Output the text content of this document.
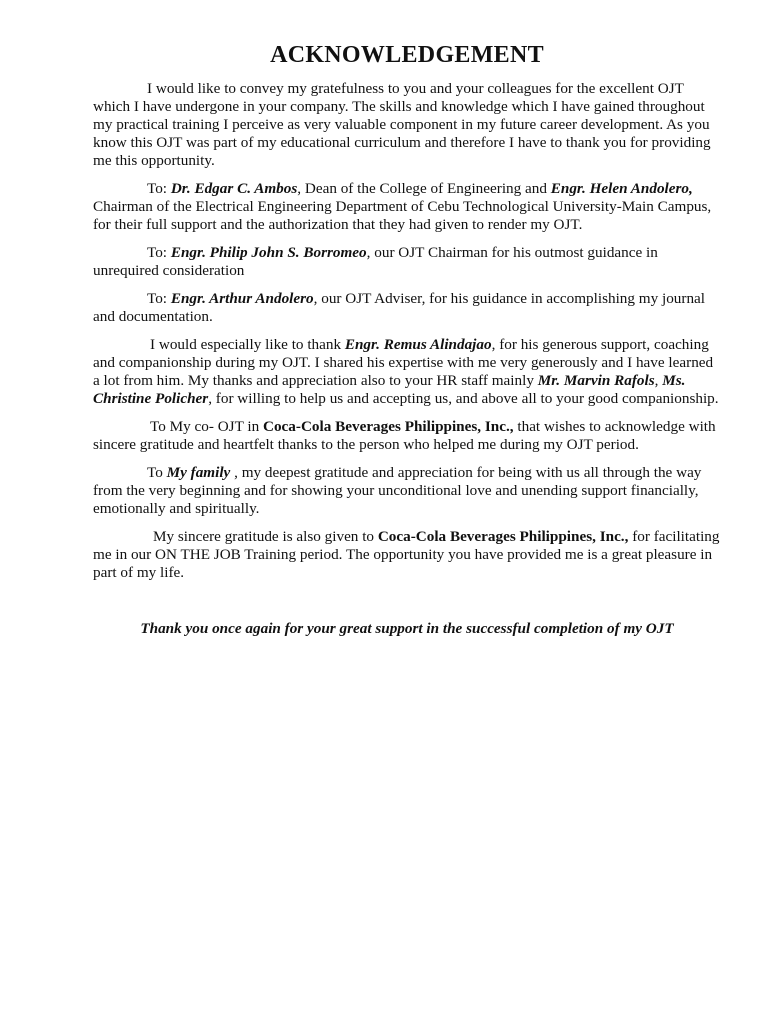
ACKNOWLEDGEMENT

I would like to convey my gratefulness to you and your colleagues for the excellent OJT which I have undergone in your company. The skills and knowledge which I have gained throughout my practical training I perceive as very valuable component in my future career development. As you know this OJT was part of my educational curriculum and therefore I have to thank you for providing me this opportunity.

To: Dr. Edgar C. Ambos, Dean of the College of Engineering and Engr. Helen Andolero, Chairman of the Electrical Engineering Department of Cebu Technological University-Main Campus, for their full support and the authorization that they had given to render my OJT.

To: Engr. Philip John S. Borromeo, our OJT Chairman for his outmost guidance in unrequired consideration

To: Engr. Arthur Andolero, our OJT Adviser, for his guidance in accomplishing my journal and documentation.

I would especially like to thank Engr. Remus Alindajao, for his generous support, coaching and companionship during my OJT. I shared his expertise with me very generously and I have learned a lot from him. My thanks and appreciation also to your HR staff mainly Mr. Marvin Rafols, Ms. Christine Policher, for willing to help us and accepting us, and above all to your good companionship.

To My co- OJT in Coca-Cola Beverages Philippines, Inc., that wishes to acknowledge with sincere gratitude and heartfelt thanks to the person who helped me during my OJT period.

To My family , my deepest gratitude and appreciation for being with us all through the way from the very beginning and for showing your unconditional love and unending support financially, emotionally and spiritually.

My sincere gratitude is also given to Coca-Cola Beverages Philippines, Inc., for facilitating me in our ON THE JOB Training period. The opportunity you have provided me is a great pleasure in part of my life.

Thank you once again for your great support in the successful completion of my OJT
